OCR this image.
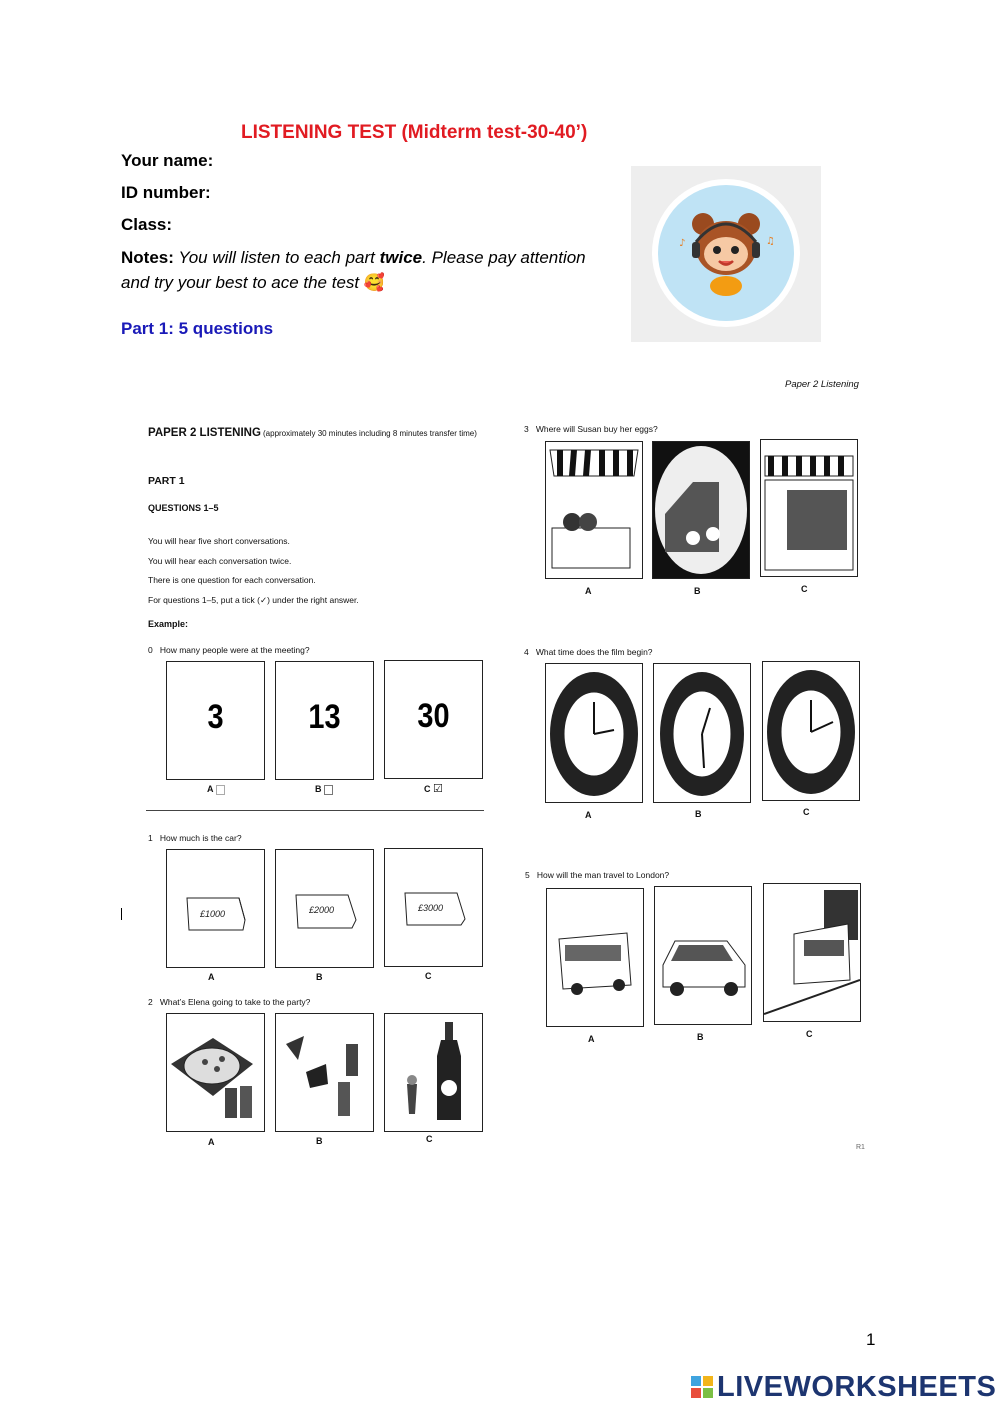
LISTENING TEST (Midterm test-30-40’)
Your name:
ID number:
Class:
Notes: You will listen to each part twice. Please pay attention and try your best to ace the test 🥰
Part 1: 5 questions
♪	♫
Paper 2 Listening
PAPER 2 LISTENING (approximately 30 minutes including 8 minutes transfer time)
PART 1
QUESTIONS 1–5
You will hear five short conversations.
You will hear each conversation twice.
There is one question for each conversation.
For questions 1–5, put a tick (✓) under the right answer.
Example:
0 How many people were at the meeting?
3	13	30
A	B	C ☑
1 How much is the car?
£1000	£2000	£3000
A	B	C
2 What’s Elena going to take to the party?
A	B	C
3 Where will Susan buy her eggs?
A	B	C
4 What time does the film begin?
A	B	C
5 How will the man travel to London?
A	B	C
R1
1
LIVEWORKSHEETS
